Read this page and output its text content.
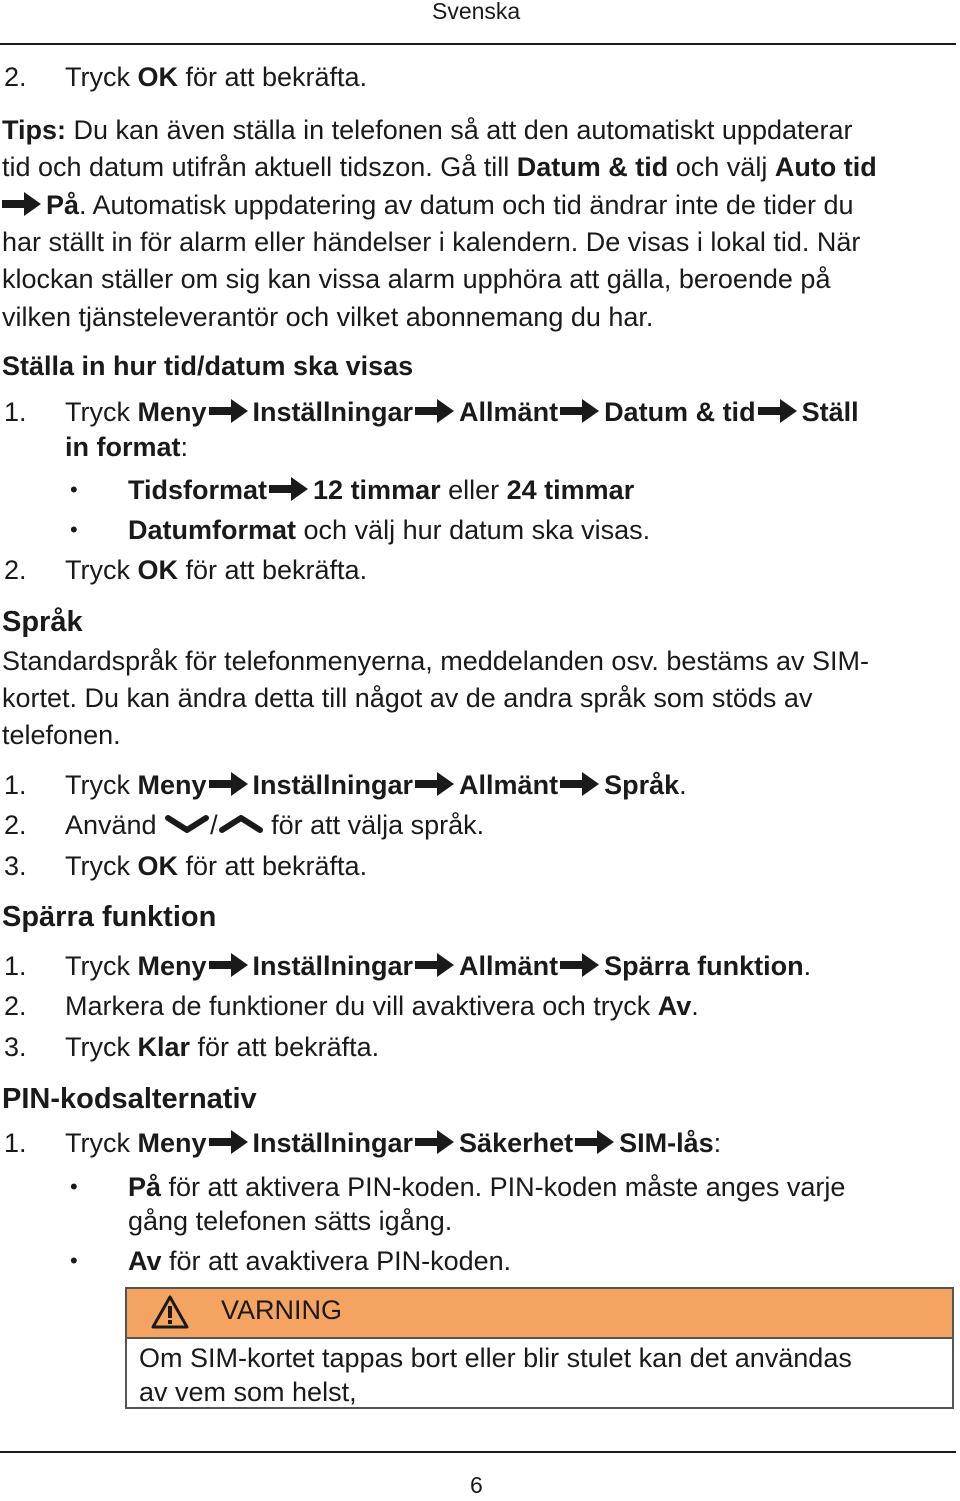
Svenska
2. Tryck OK för att bekräfta.
Tips: Du kan även ställa in telefonen så att den automatiskt uppdaterar
tid och datum utifrån aktuell tidszon. Gå till Datum & tid och välj Auto tid
På. Automatisk uppdatering av datum och tid ändrar inte de tider du
har ställt in för alarm eller händelser i kalendern. De visas i lokal tid. När
klockan ställer om sig kan vissa alarm upphöra att gälla, beroende på
vilken tjänsteleverantör och vilket abonnemang du har.
Ställa in hur tid/datum ska visas
1. Tryck Meny Inställningar Allmänt Datum & tid Ställ
in format:
• Tidsformat 12 timmar eller 24 timmar
• Datumformat och välj hur datum ska visas.
2. Tryck OK för att bekräfta.
Språk
Standardspråk för telefonmenyerna, meddelanden osv. bestäms av SIM-
kortet. Du kan ändra detta till något av de andra språk som stöds av
telefonen.
1. Tryck Meny Inställningar Allmänt Språk.
2. Använd / för att välja språk.
3. Tryck OK för att bekräfta.
Spärra funktion
1. Tryck Meny Inställningar Allmänt Spärra funktion.
2. Markera de funktioner du vill avaktivera och tryck Av.
3. Tryck Klar för att bekräfta.
PIN-kodsalternativ
1. Tryck Meny Inställningar Säkerhet SIM-lås:
• På för att aktivera PIN-koden. PIN-koden måste anges varje
gång telefonen sätts igång.
• Av för att avaktivera PIN-koden.
VARNING
Om SIM-kortet tappas bort eller blir stulet kan det användas
av vem som helst,
6
